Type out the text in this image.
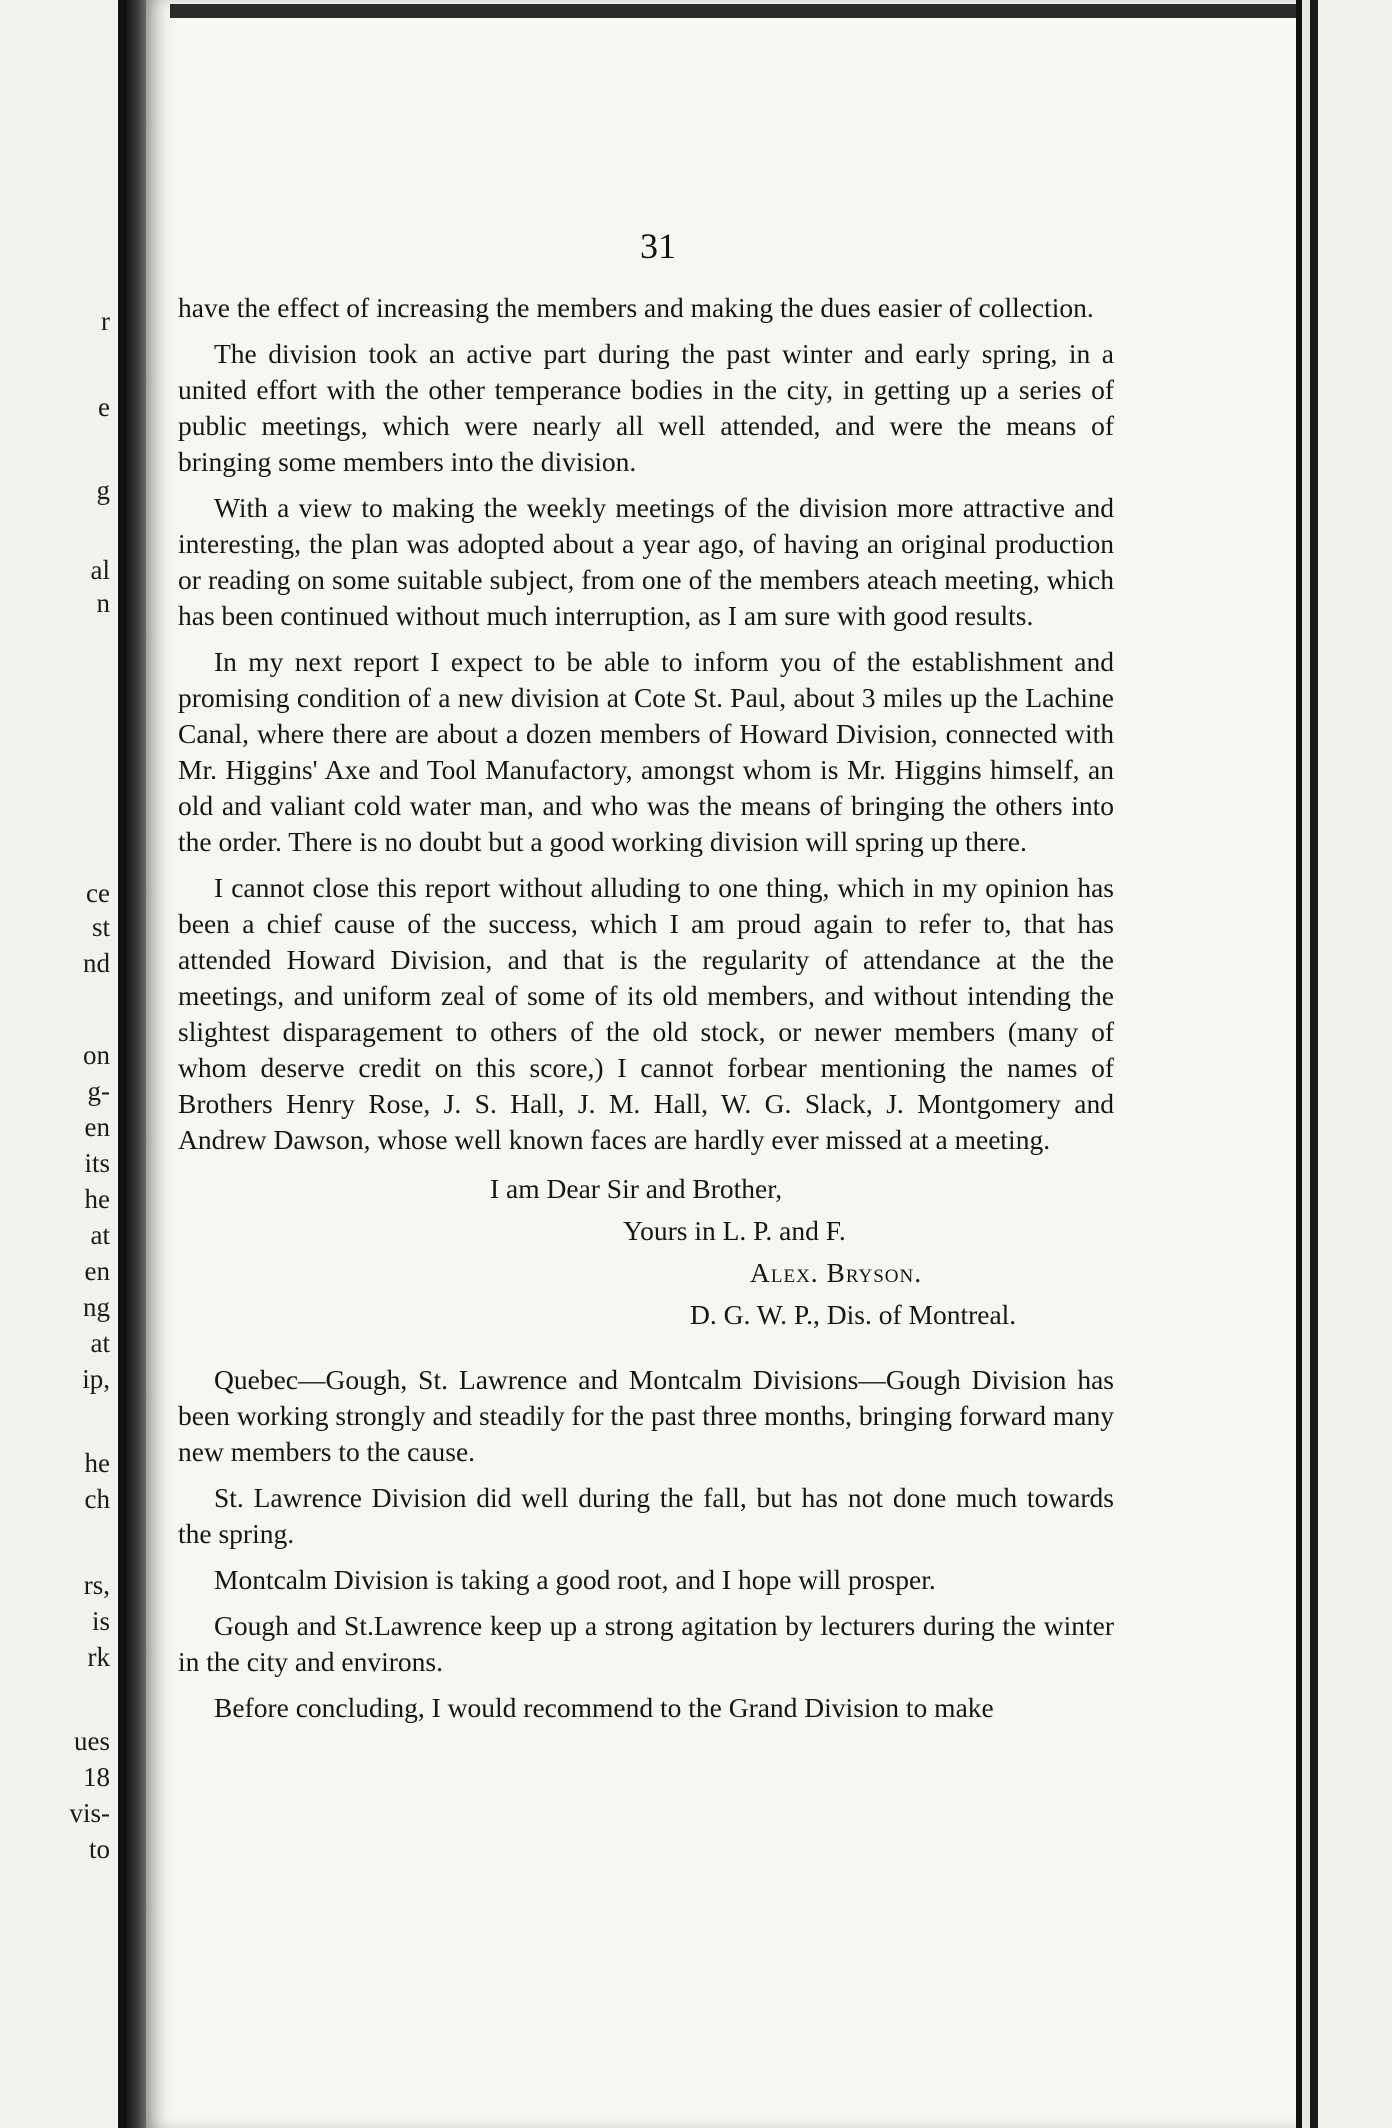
r
e
g
al
n
ce
st
nd
on
g-
en
its
he
at
en
ng
at
ip,
he
ch
rs,
is
rk
ues
18
vis-
to
31

have the effect of increasing the members and making the dues easier of collection.

The division took an active part during the past winter and early spring, in a united effort with the other temperance bodies in the city, in getting up a series of public meetings, which were nearly all well attended, and were the means of bringing some members into the division.

With a view to making the weekly meetings of the division more attractive and interesting, the plan was adopted about a year ago, of having an original production or reading on some suitable subject, from one of the members ateach meeting, which has been continued without much interruption, as I am sure with good results.

In my next report I expect to be able to inform you of the establishment and promising condition of a new division at Cote St. Paul, about 3 miles up the Lachine Canal, where there are about a dozen members of Howard Division, connected with Mr. Higgins' Axe and Tool Manufactory, amongst whom is Mr. Higgins himself, an old and valiant cold water man, and who was the means of bringing the others into the order. There is no doubt but a good working division will spring up there.

I cannot close this report without alluding to one thing, which in my opinion has been a chief cause of the success, which I am proud again to refer to, that has attended Howard Division, and that is the regularity of attendance at the the meetings, and uniform zeal of some of its old members, and without intending the slightest disparagement to others of the old stock, or newer members (many of whom deserve credit on this score,) I cannot forbear mentioning the names of Brothers Henry Rose, J. S. Hall, J. M. Hall, W. G. Slack, J. Montgomery and Andrew Dawson, whose well known faces are hardly ever missed at a meeting.

I am Dear Sir and Brother,
Yours in L. P. and F.
Alex. Bryson.
D. G. W. P., Dis. of Montreal.

Quebec—Gough, St. Lawrence and Montcalm Divisions—Gough Division has been working strongly and steadily for the past three months, bringing forward many new members to the cause.

St. Lawrence Division did well during the fall, but has not done much towards the spring.

Montcalm Division is taking a good root, and I hope will prosper.

Gough and St.Lawrence keep up a strong agitation by lecturers during the winter in the city and environs.

Before concluding, I would recommend to the Grand Division to make
